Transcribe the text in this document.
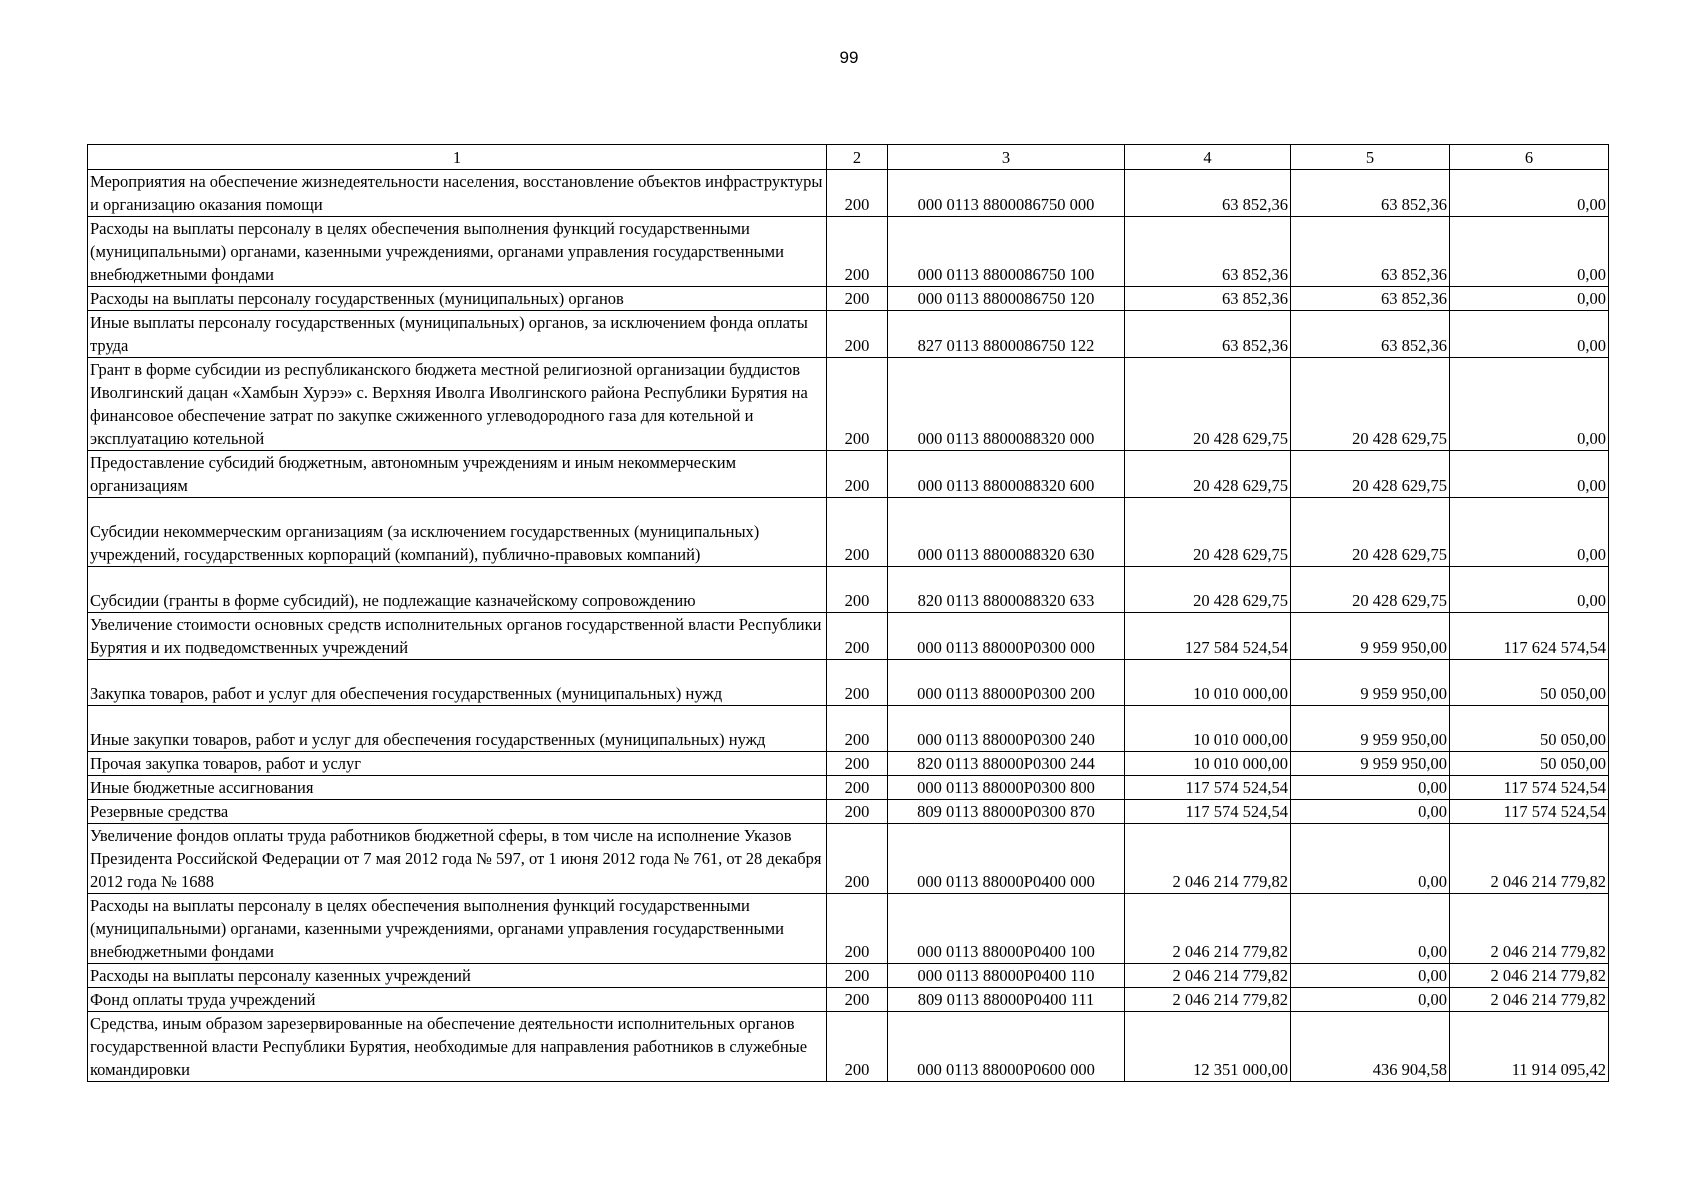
99
1	2	3	4	5	6
Мероприятия на обеспечение жизнедеятельности населения, восстановление объектов инфраструктуры и организацию оказания помощи	200	000 0113 8800086750 000	63 852,36	63 852,36	0,00
Расходы на выплаты персоналу в целях обеспечения выполнения функций государственными (муниципальными) органами, казенными учреждениями, органами управления государственными внебюджетными фондами	200	000 0113 8800086750 100	63 852,36	63 852,36	0,00
Расходы на выплаты персоналу государственных (муниципальных) органов	200	000 0113 8800086750 120	63 852,36	63 852,36	0,00
Иные выплаты персоналу государственных (муниципальных) органов, за исключением фонда оплаты труда	200	827 0113 8800086750 122	63 852,36	63 852,36	0,00
Грант в форме субсидии из республиканского бюджета местной религиозной организации буддистов Иволгинский дацан «Хамбын Хурээ» с. Верхняя Иволга Иволгинского района Республики Бурятия на финансовое обеспечение затрат по закупке сжиженного углеводородного газа для котельной и эксплуатацию котельной	200	000 0113 8800088320 000	20 428 629,75	20 428 629,75	0,00
Предоставление субсидий бюджетным, автономным учреждениям и иным некоммерческим организациям	200	000 0113 8800088320 600	20 428 629,75	20 428 629,75	0,00
Субсидии некоммерческим организациям (за исключением государственных (муниципальных) учреждений, государственных корпораций (компаний), публично-правовых компаний)	200	000 0113 8800088320 630	20 428 629,75	20 428 629,75	0,00
Субсидии (гранты в форме субсидий), не подлежащие казначейскому сопровождению	200	820 0113 8800088320 633	20 428 629,75	20 428 629,75	0,00
Увеличение стоимости основных средств исполнительных органов государственной власти Республики Бурятия и их подведомственных учреждений	200	000 0113 88000P0300 000	127 584 524,54	9 959 950,00	117 624 574,54
Закупка товаров, работ и услуг для обеспечения государственных (муниципальных) нужд	200	000 0113 88000P0300 200	10 010 000,00	9 959 950,00	50 050,00
Иные закупки товаров, работ и услуг для обеспечения государственных (муниципальных) нужд	200	000 0113 88000P0300 240	10 010 000,00	9 959 950,00	50 050,00
Прочая закупка товаров, работ и услуг	200	820 0113 88000P0300 244	10 010 000,00	9 959 950,00	50 050,00
Иные бюджетные ассигнования	200	000 0113 88000P0300 800	117 574 524,54	0,00	117 574 524,54
Резервные средства	200	809 0113 88000P0300 870	117 574 524,54	0,00	117 574 524,54
Увеличение фондов оплаты труда работников бюджетной сферы, в том числе на исполнение Указов Президента Российской Федерации от 7 мая 2012 года № 597, от 1 июня 2012 года № 761, от 28 декабря 2012 года № 1688	200	000 0113 88000P0400 000	2 046 214 779,82	0,00	2 046 214 779,82
Расходы на выплаты персоналу в целях обеспечения выполнения функций государственными (муниципальными) органами, казенными учреждениями, органами управления государственными внебюджетными фондами	200	000 0113 88000P0400 100	2 046 214 779,82	0,00	2 046 214 779,82
Расходы на выплаты персоналу казенных учреждений	200	000 0113 88000P0400 110	2 046 214 779,82	0,00	2 046 214 779,82
Фонд оплаты труда учреждений	200	809 0113 88000P0400 111	2 046 214 779,82	0,00	2 046 214 779,82
Средства, иным образом зарезервированные на обеспечение деятельности исполнительных органов государственной власти Республики Бурятия, необходимые для направления работников в служебные командировки	200	000 0113 88000P0600 000	12 351 000,00	436 904,58	11 914 095,42
